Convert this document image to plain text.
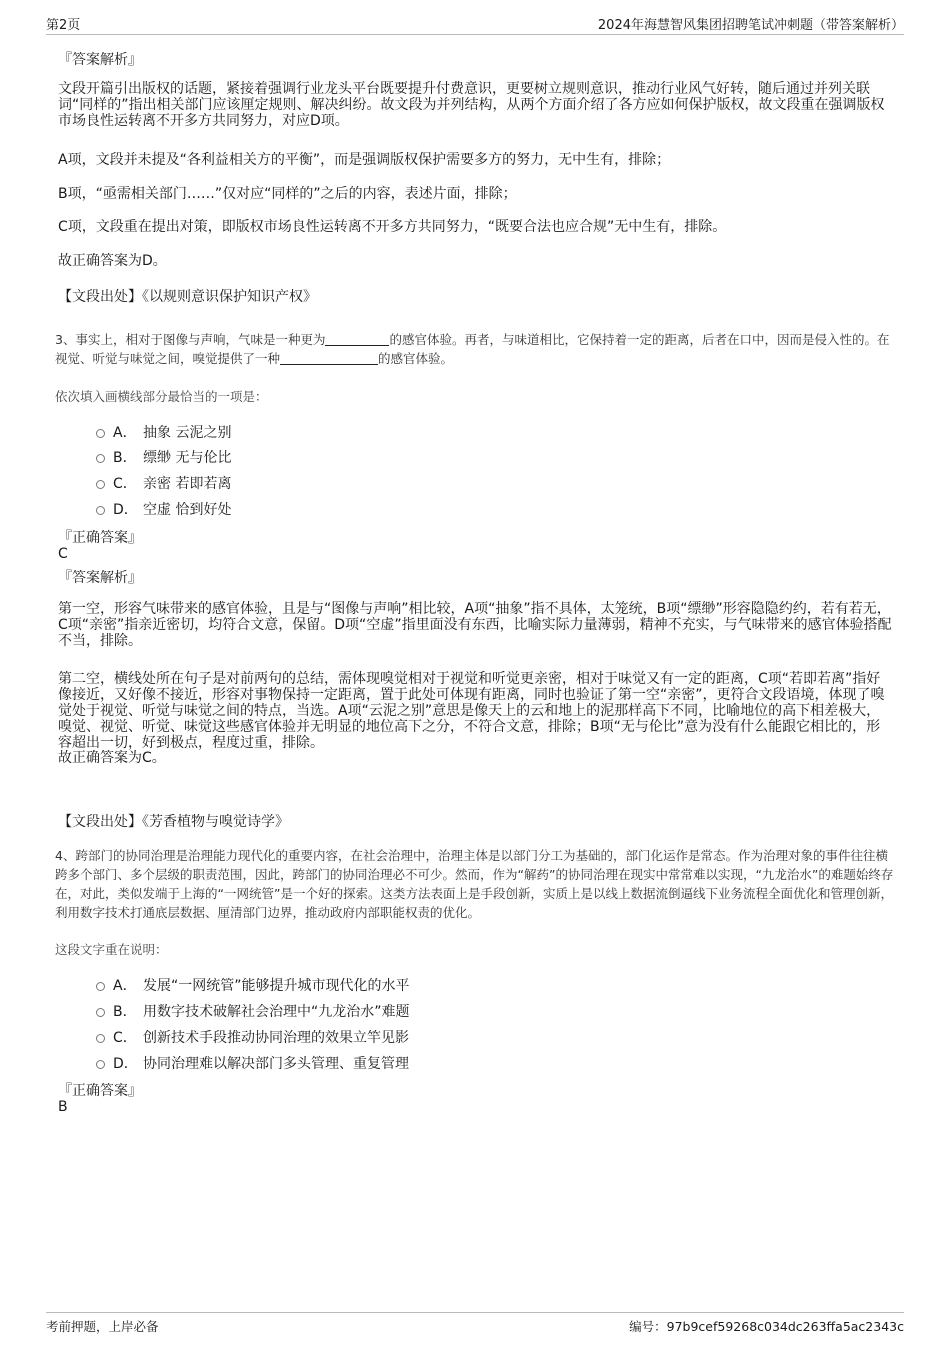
第2页	2024年海慧智风集团招聘笔试冲刺题（带答案解析）
『答案解析』

文段开篇引出版权的话题，紧接着强调行业龙头平台既要提升付费意识，更要树立规则意识，推动行业风气好转，随后通过并列关联词“同样的”指出相关部门应该厘定规则、解决纠纷。故文段为并列结构，从两个方面介绍了各方应如何保护版权，故文段重在强调版权市场良性运转离不开多方共同努力，对应D项。

A项，文段并未提及“各利益相关方的平衡”，而是强调版权保护需要多方的努力，无中生有，排除；

B项，“亟需相关部门……”仅对应“同样的”之后的内容，表述片面，排除；

C项，文段重在提出对策，即版权市场良性运转离不开多方共同努力，“既要合法也应合规”无中生有，排除。

故正确答案为D。

【文段出处】《以规则意识保护知识产权》

3、事实上，相对于图像与声响，气味是一种更为	的感官体验。再者，与味道相比，它保持着一定的距离，后者在口中，因而是侵入性的。在视觉、听觉与味觉之间，嗅觉提供了一种	的感官体验。

依次填入画横线部分最恰当的一项是：
A． 抽象 云泥之别
B． 缥缈 无与伦比
C． 亲密 若即若离
D． 空虚 恰到好处
『正确答案』
C
『答案解析』

第一空，形容气味带来的感官体验，且是与“图像与声响”相比较，A项“抽象”指不具体，太笼统，B项“缥缈”形容隐隐约约，若有若无，C项“亲密”指亲近密切，均符合文意，保留。D项“空虚”指里面没有东西，比喻实际力量薄弱，精神不充实，与气味带来的感官体验搭配不当，排除。

第二空，横线处所在句子是对前两句的总结，需体现嗅觉相对于视觉和听觉更亲密，相对于味觉又有一定的距离，C项“若即若离”指好像接近，又好像不接近，形容对事物保持一定距离，置于此处可体现有距离，同时也验证了第一空“亲密”，更符合文段语境，体现了嗅觉处于视觉、听觉与味觉之间的特点，当选。A项“云泥之别”意思是像天上的云和地上的泥那样高下不同，比喻地位的高下相差极大，嗅觉、视觉、听觉、味觉这些感官体验并无明显的地位高下之分，不符合文意，排除；B项“无与伦比”意为没有什么能跟它相比的，形容超出一切，好到极点，程度过重，排除。

故正确答案为C。

【文段出处】《芳香植物与嗅觉诗学》

4、跨部门的协同治理是治理能力现代化的重要内容，在社会治理中，治理主体是以部门分工为基础的，部门化运作是常态。作为治理对象的事件往往横跨多个部门、多个层级的职责范围，因此，跨部门的协同治理必不可少。然而，作为“解药”的协同治理在现实中常常难以实现，“九龙治水”的难题始终存在，对此，类似发端于上海的“一网统管”是一个好的探索。这类方法表面上是手段创新，实质上是以线上数据流倒逼线下业务流程全面优化和管理创新，利用数字技术打通底层数据、厘清部门边界，推动政府内部职能权责的优化。

这段文字重在说明：
A． 发展“一网统管”能够提升城市现代化的水平
B． 用数字技术破解社会治理中“九龙治水”难题
C． 创新技术手段推动协同治理的效果立竿见影
D． 协同治理难以解决部门多头管理、重复管理
『正确答案』
B
考前押题，上岸必备	编号：97b9cef59268c034dc263ffa5ac2343c
